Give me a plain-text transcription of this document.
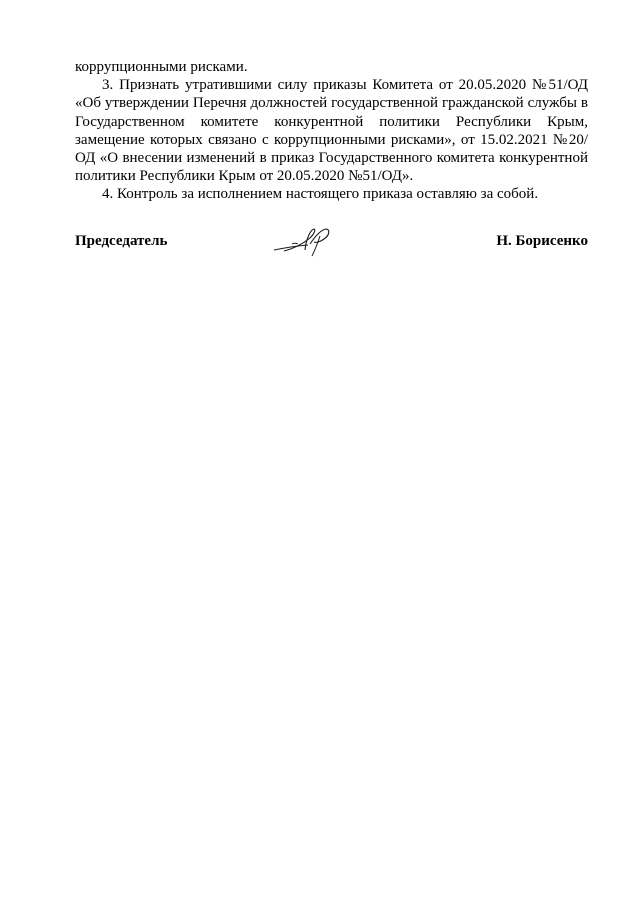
коррупционными рисками.

3. Признать утратившими силу приказы Комитета от 20.05.2020 №51/ОД «Об утверждении Перечня должностей государственной гражданской службы в Государственном комитете конкурентной политики Республики Крым, замещение которых связано с коррупционными рисками», от 15.02.2021 №20/ОД «О внесении изменений в приказ Государственного комитета конкурентной политики Республики Крым от 20.05.2020 №51/ОД».

4. Контроль за исполнением настоящего приказа оставляю за собой.

Председатель	Н. Борисенко
